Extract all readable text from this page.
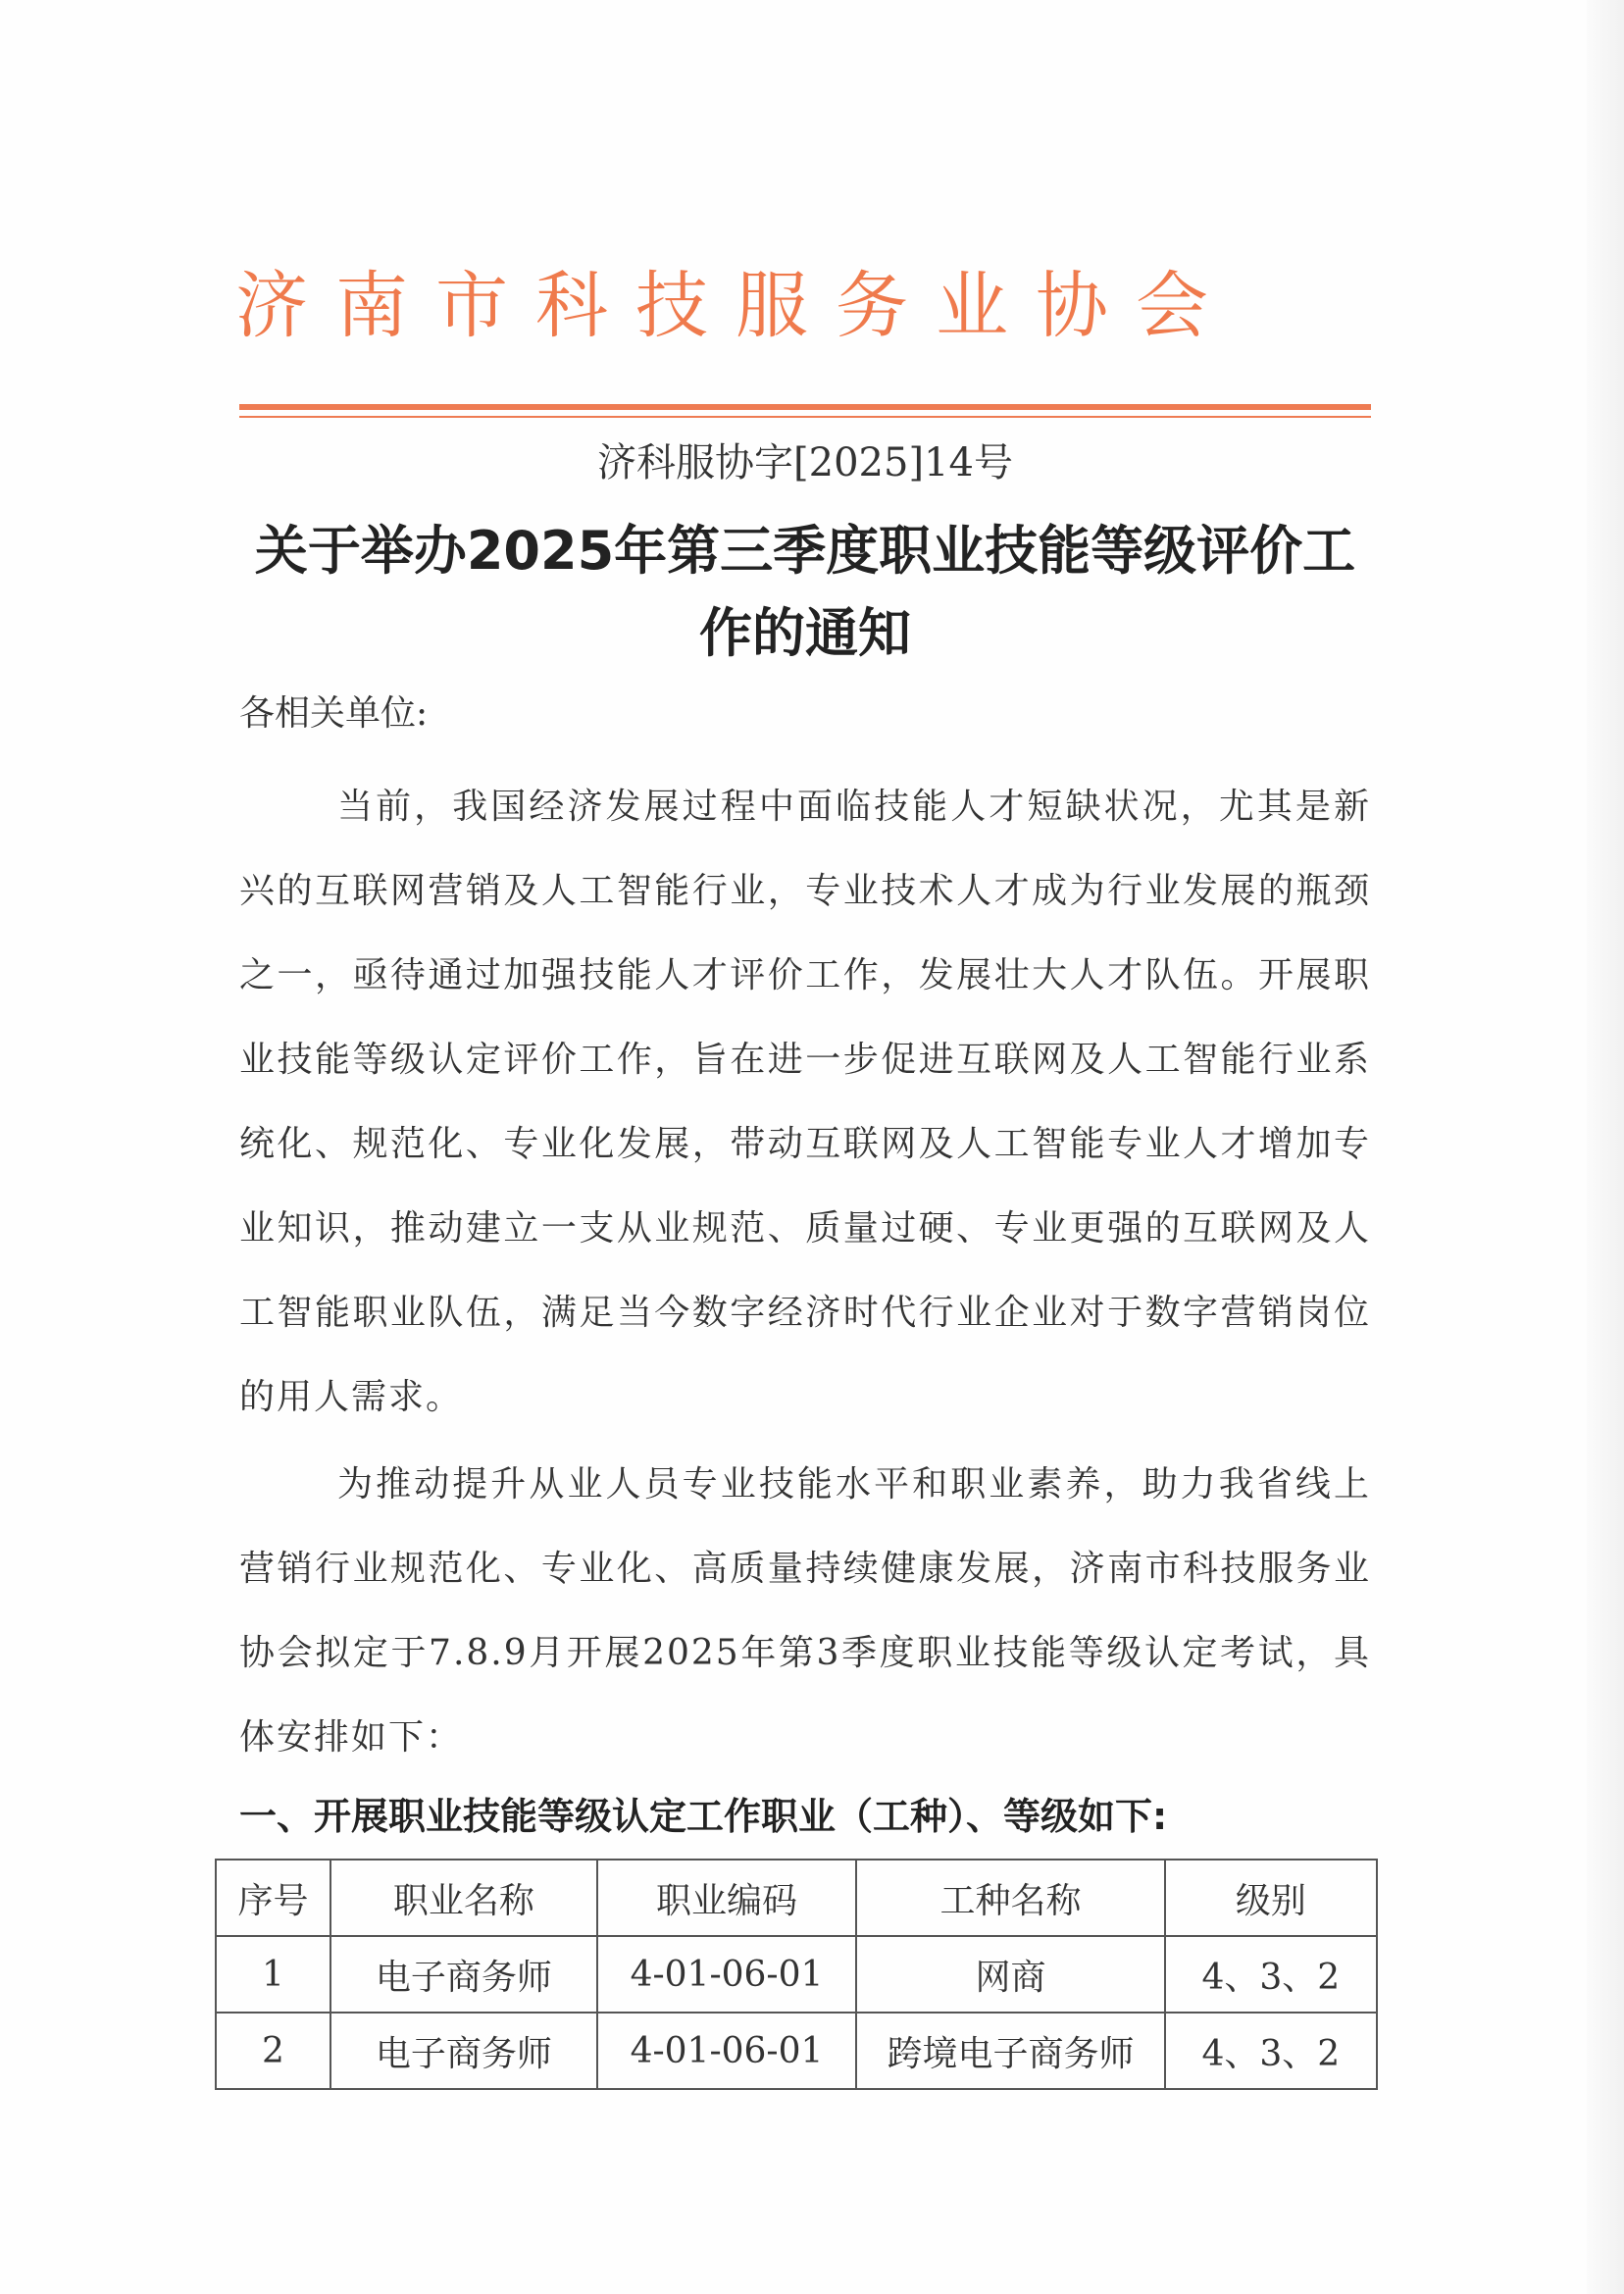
济南市科技服务业协会
济科服协字[2025]14号
关于举办2025年第三季度职业技能等级评价工
作的通知
各相关单位:
当前，我国经济发展过程中面临技能人才短缺状况，尤其是新兴的互联网营销及人工智能行业，专业技术人才成为行业发展的瓶颈之一，亟待通过加强技能人才评价工作，发展壮大人才队伍。开展职业技能等级认定评价工作，旨在进一步促进互联网及人工智能行业系统化、规范化、专业化发展，带动互联网及人工智能专业人才增加专业知识，推动建立一支从业规范、质量过硬、专业更强的互联网及人工智能职业队伍，满足当今数字经济时代行业企业对于数字营销岗位的用人需求。
为推动提升从业人员专业技能水平和职业素养，助力我省线上营销行业规范化、专业化、高质量持续健康发展，济南市科技服务业协会拟定于7.8.9月开展2025年第3季度职业技能等级认定考试，具体安排如下：
一、开展职业技能等级认定工作职业（工种）、等级如下:
序号	职业名称	职业编码	工种名称	级别
1	电子商务师	4-01-06-01	网商	4、3、2
2	电子商务师	4-01-06-01	跨境电子商务师	4、3、2
